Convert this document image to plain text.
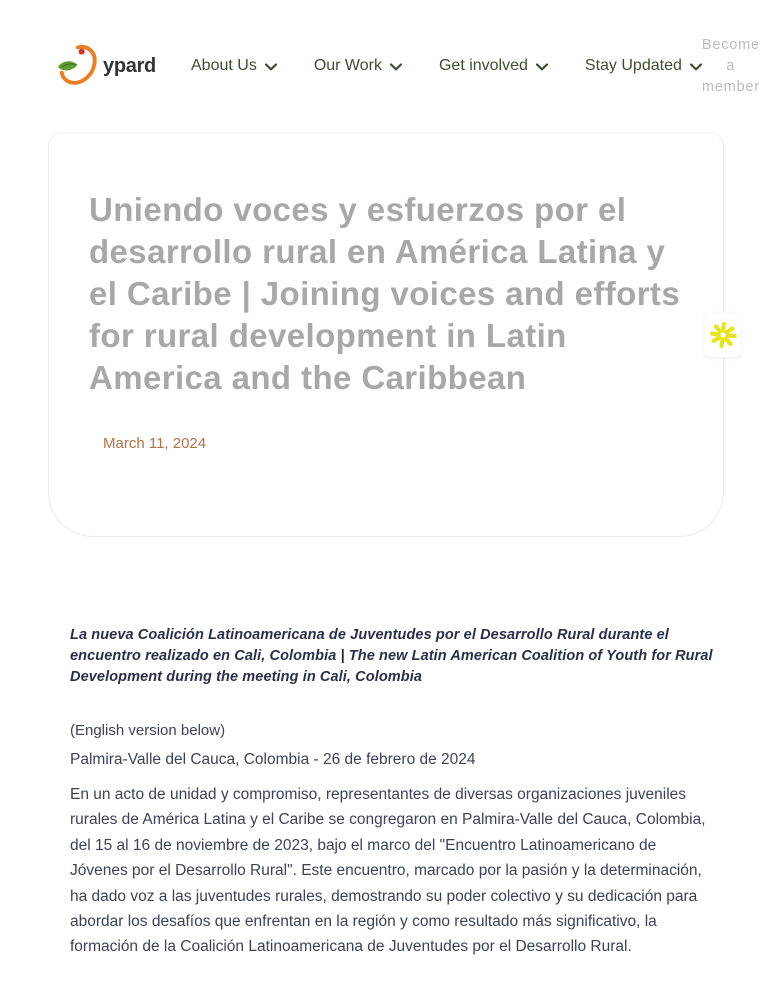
ypard About Us	Our Work	Get involved	Stay Updated
Become a member
Uniendo voces y esfuerzos por el
desarrollo rural en América Latina y
el Caribe | Joining voices and efforts
for rural development in Latin
America and the Caribbean
March 11, 2024

La nueva Coalición Latinoamericana de Juventudes por el Desarrollo Rural durante el encuentro realizado en Cali, Colombia | The new Latin American Coalition of Youth for Rural Development during the meeting in Cali, Colombia

(English version below)

Palmira-Valle del Cauca, Colombia - 26 de febrero de 2024

En un acto de unidad y compromiso, representantes de diversas organizaciones juveniles rurales de América Latina y el Caribe se congregaron en Palmira-Valle del Cauca, Colombia, del 15 al 16 de noviembre de 2023, bajo el marco del "Encuentro Latinoamericano de Jóvenes por el Desarrollo Rural". Este encuentro, marcado por la pasión y la determinación, ha dado voz a las juventudes rurales, demostrando su poder colectivo y su dedicación para abordar los desafíos que enfrentan en la región y como resultado más significativo, la formación de la Coalición Latinoamericana de Juventudes por el Desarrollo Rural.
